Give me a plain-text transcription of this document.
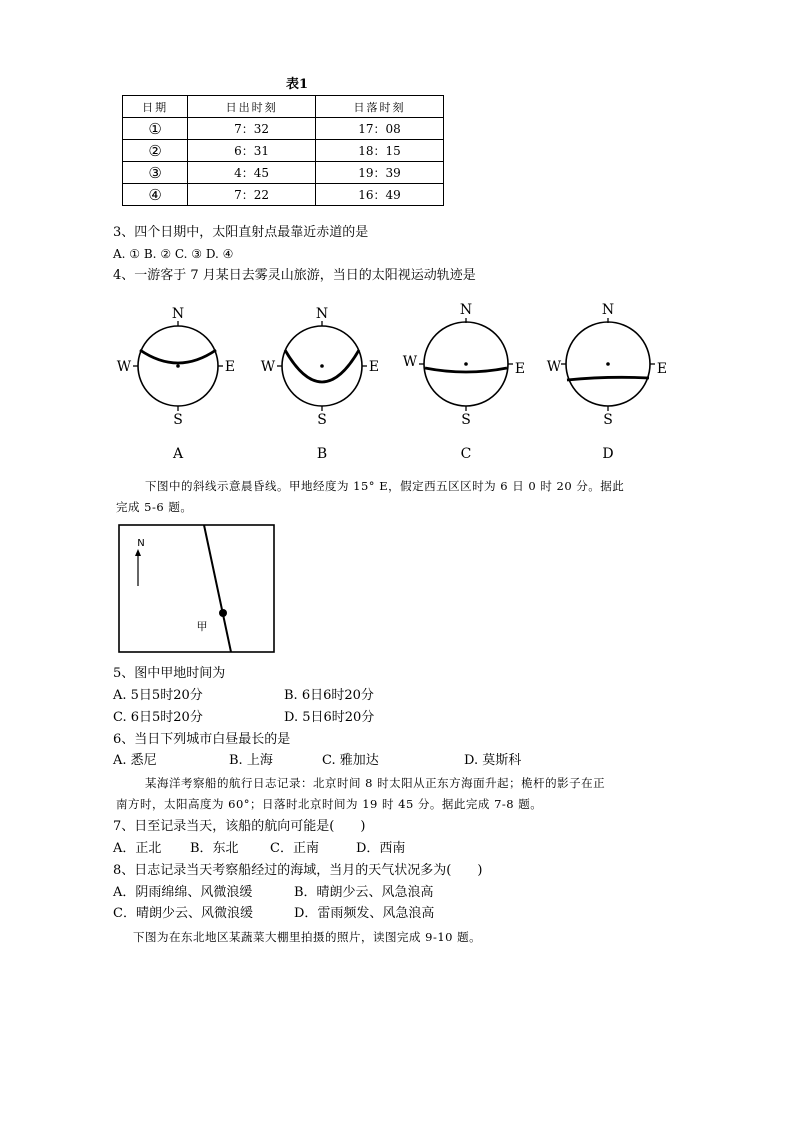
表1
日期	日出时刻	日落时刻
①	7：32	17：08
②	6：31	18：15
③	4：45	19：39
④	7：22	16：49
3、四个日期中，太阳直射点最靠近赤道的是
A. ① B. ② C. ③ D. ④
4、一游客于 7 月某日去雾灵山旅游，当日的太阳视运动轨迹是
N
S
W	E
A
N
S
W	E
B
N
S
W	E
C
N
S
W	E
D
下图中的斜线示意晨昏线。甲地经度为 15° E，假定西五区区时为 6 日 0 时 20 分。据此
完成 5-6 题。
N
甲
5、图中甲地时间为
A. 5日5时20分	B. 6日6时20分
C. 6日5时20分	D. 5日6时20分
6、当日下列城市白昼最长的是
A. 悉尼	B. 上海	C. 雅加达	D. 莫斯科
某海洋考察船的航行日志记录：北京时间 8 时太阳从正东方海面升起；桅杆的影子在正
南方时，太阳高度为 60°；日落时北京时间为 19 时 45 分。据此完成 7-8 题。
7、日至记录当天，该船的航向可能是(　　)
A．正北 B．东北 C．正南	D．西南
8、日志记录当天考察船经过的海域，当月的天气状况多为(　　)
A．阴雨绵绵、风微浪缓	B．晴朗少云、风急浪高
C．晴朗少云、风微浪缓	D．雷雨频发、风急浪高
下图为在东北地区某蔬菜大棚里拍摄的照片，读图完成 9-10 题。
